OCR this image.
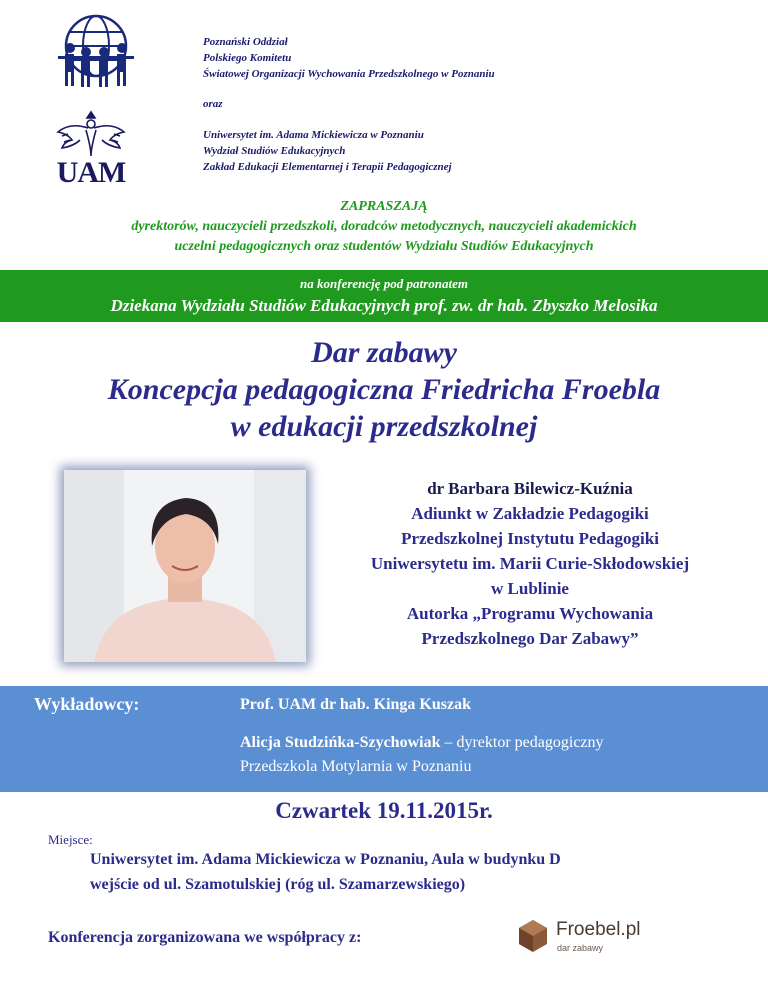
UAM
Poznański Oddział
Polskiego Komitetu
Światowej Organizacji Wychowania Przedszkolnego w Poznaniu
oraz
Uniwersytet im. Adama Mickiewicza w Poznaniu
Wydział Studiów Edukacyjnych
Zakład Edukacji Elementarnej i Terapii Pedagogicznej
ZAPRASZAJĄ
dyrektorów, nauczycieli przedszkoli, doradców metodycznych, nauczycieli akademickich
uczelni pedagogicznych oraz studentów Wydziału Studiów Edukacyjnych
na konferencję pod patronatem
Dziekana Wydziału Studiów Edukacyjnych prof. zw. dr hab. Zbyszko Melosika
Dar zabawy
Koncepcja pedagogiczna Friedricha Froebla
w edukacji przedszkolnej
dr Barbara Bilewicz-Kuźnia
Adiunkt w Zakładzie Pedagogiki
Przedszkolnej Instytutu Pedagogiki
Uniwersytetu im. Marii Curie-Skłodowskiej
w Lublinie
Autorka „Programu Wychowania
Przedszkolnego Dar Zabawy”
Wykładowcy:	Prof. UAM dr hab. Kinga Kuszak
Alicja Studzińka-Szychowiak – dyrektor pedagogiczny
Przedszkola Motylarnia w Poznaniu
Czwartek 19.11.2015r.
Miejsce:
Uniwersytet im. Adama Mickiewicza w Poznaniu, Aula w budynku D
wejście od ul. Szamotulskiej (róg ul. Szamarzewskiego)
Konferencja zorganizowana we współpracy z:	Froebel.pl
dar zabawy
